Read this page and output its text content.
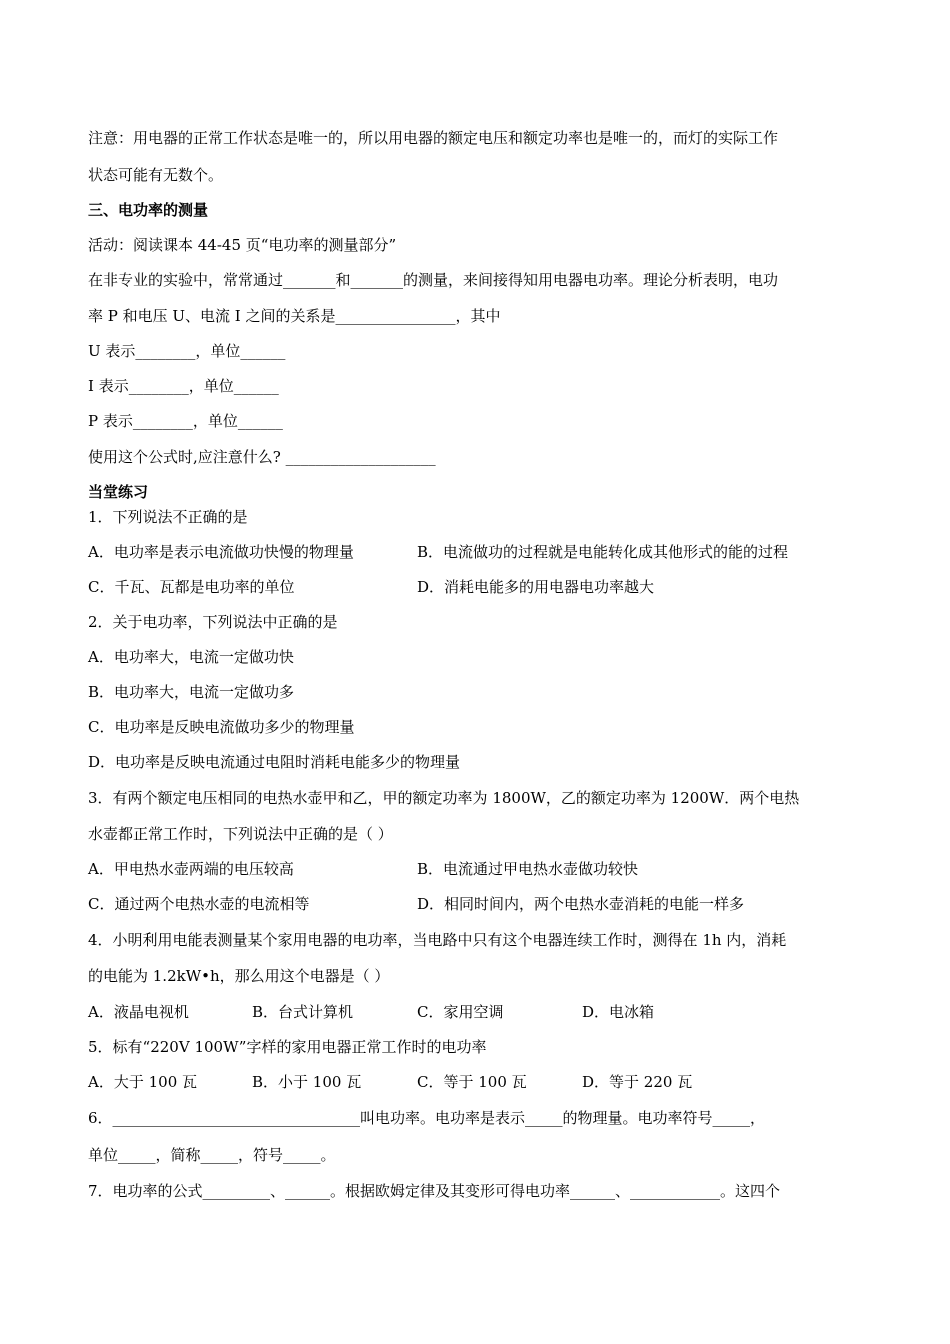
注意：用电器的正常工作状态是唯一的，所以用电器的额定电压和额定功率也是唯一的，而灯的实际工作
状态可能有无数个。
三、电功率的测量
活动：阅读课本 44-45 页“电功率的测量部分”
在非专业的实验中，常常通过_______和_______的测量，来间接得知用电器电功率。理论分析表明，电功
率 P 和电压 U、电流 I 之间的关系是________________，其中
U 表示________，单位______
I 表示________，单位______
P 表示________，单位______
使用这个公式时,应注意什么? ____________________
当堂练习
1．下列说法不正确的是
A．电功率是表示电流做功快慢的物理量	B．电流做功的过程就是电能转化成其他形式的能的过程
C．千瓦、瓦都是电功率的单位	D．消耗电能多的用电器电功率越大
2．关于电功率，下列说法中正确的是
A．电功率大，电流一定做功快
B．电功率大，电流一定做功多
C．电功率是反映电流做功多少的物理量
D．电功率是反映电流通过电阻时消耗电能多少的物理量
3．有两个额定电压相同的电热水壶甲和乙，甲的额定功率为 1800W，乙的额定功率为 1200W．两个电热
水壶都正常工作时，下列说法中正确的是（ ）
A．甲电热水壶两端的电压较高	B．电流通过甲电热水壶做功较快
C．通过两个电热水壶的电流相等	D．相同时间内，两个电热水壶消耗的电能一样多
4．小明利用电能表测量某个家用电器的电功率，当电路中只有这个电器连续工作时，测得在 1h 内，消耗
的电能为 1.2kW•h，那么用这个电器是（ ）
A．液晶电视机	B．台式计算机	C．家用空调	D．电冰箱
5．标有“220V 100W”字样的家用电器正常工作时的电功率
A．大于 100 瓦	B．小于 100 瓦	C．等于 100 瓦	D．等于 220 瓦
6．_________________________________叫电功率。电功率是表示_____的物理量。电功率符号_____，
单位_____，简称_____，符号_____。
7．电功率的公式_________、______。根据欧姆定律及其变形可得电功率______、____________。这四个
